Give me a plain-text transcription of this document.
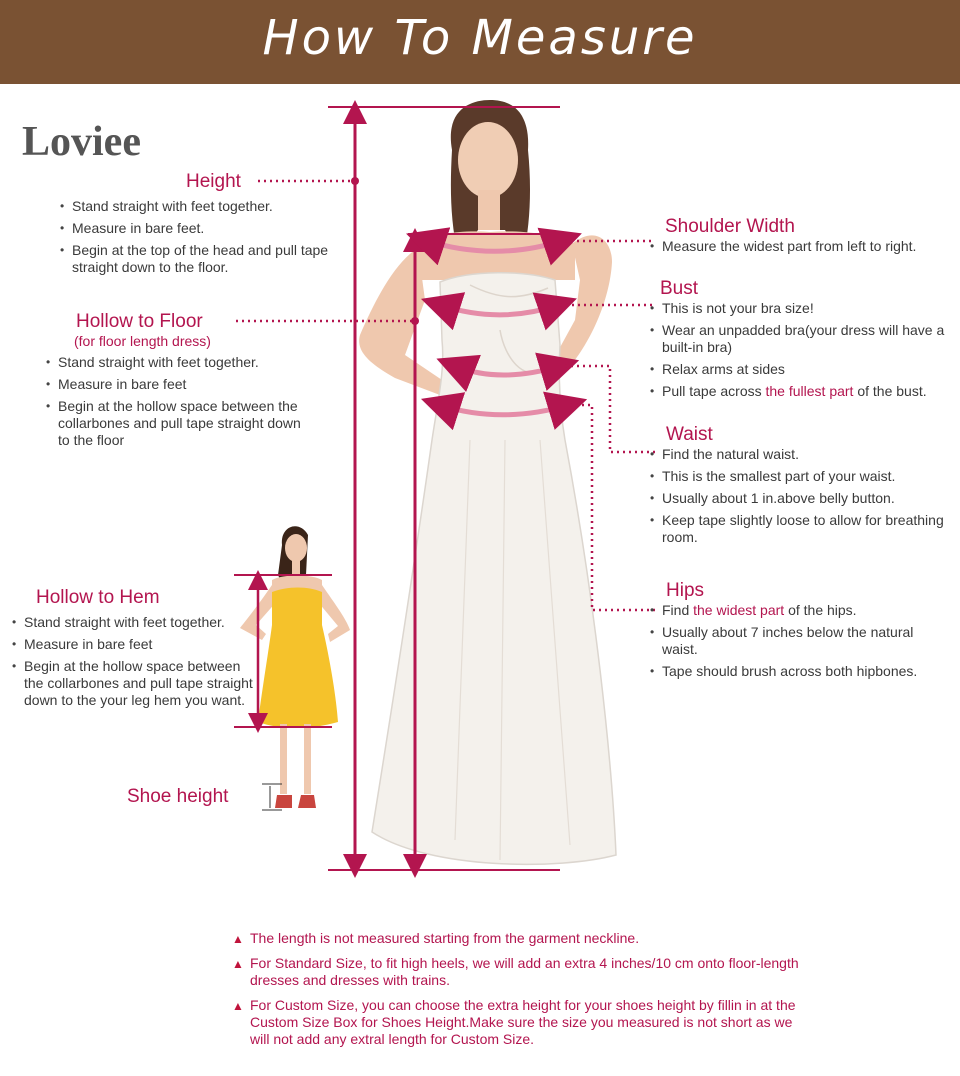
How To Measure
Loviee
Height
• Stand straight with feet together.
• Measure in bare feet.
• Begin at the top of the head and pull tape straight down to the floor.
Hollow to Floor
(for floor length dress)
• Stand straight with feet together.
• Measure in bare feet
• Begin at the hollow space between the collarbones and pull tape straight down to the floor
Hollow to Hem
• Stand straight with feet together.
• Measure in bare feet
• Begin at the hollow space between the collarbones and pull tape straight down to the your leg hem you want.
Shoe height
Shoulder Width
• Measure the widest part from left to right.
Bust
• This is not your bra size!
• Wear an unpadded bra(your dress will have a built-in bra)
• Relax arms at sides
• Pull tape across the fullest part of the bust.
Waist
• Find the natural waist.
• This is the smallest part of your waist.
• Usually about 1 in.above belly button.
• Keep tape slightly loose to allow for breathing room.
Hips
• Find the widest part of the hips.
• Usually about 7 inches below the natural waist.
• Tape should brush across both hipbones.
▲ The length is not measured starting from the garment neckline.
▲ For Standard Size, to fit high heels, we will add an extra 4 inches/10 cm onto floor-length dresses and dresses with trains.
▲ For Custom Size, you can choose the extra height for your shoes height by fillin in at the Custom Size Box for Shoes Height.Make sure the size you measured is not short as we will not add any extral length for Custom Size.
